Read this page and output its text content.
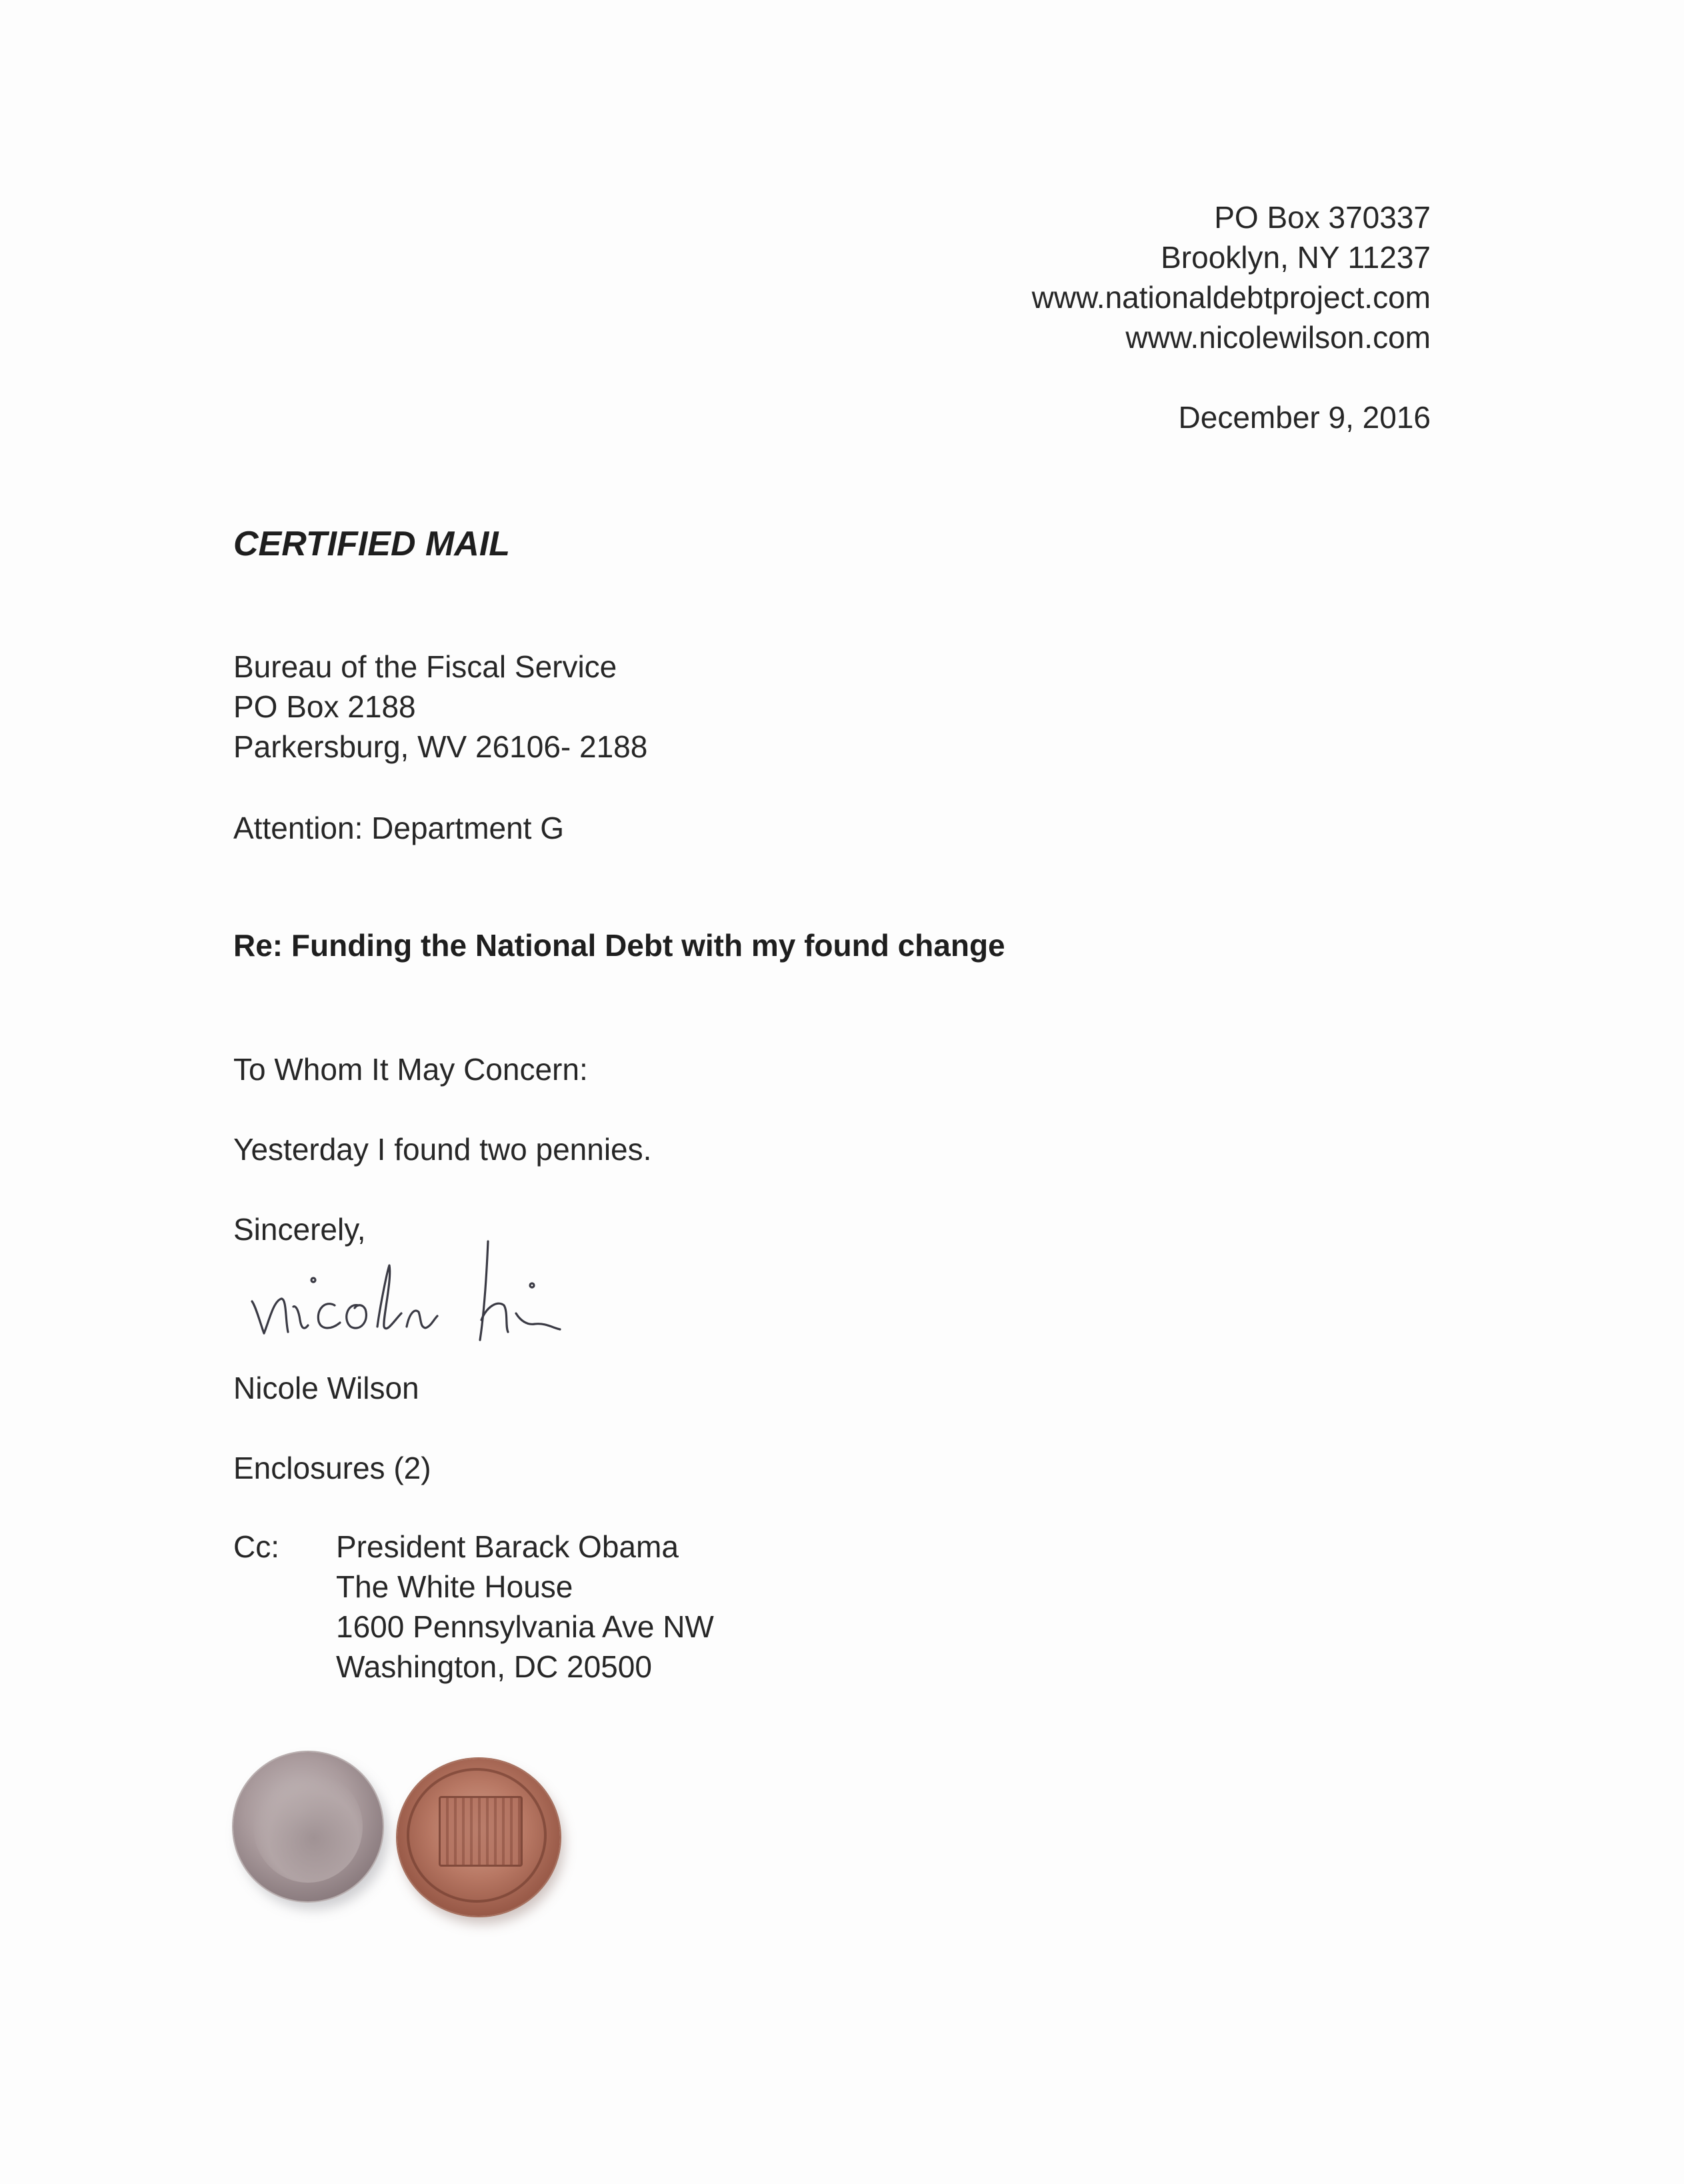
PO Box 370337
Brooklyn, NY 11237
www.nationaldebtproject.com
www.nicolewilson.com
December 9, 2016
CERTIFIED MAIL
Bureau of the Fiscal Service
PO Box 2188
Parkersburg, WV 26106- 2188
Attention: Department G
Re: Funding the National Debt with my found change
To Whom It May Concern:
Yesterday I found two pennies.
Sincerely,
Nicole Wilson
Enclosures (2)
Cc: President Barack Obama
The White House
1600 Pennsylvania Ave NW
Washington, DC 20500
